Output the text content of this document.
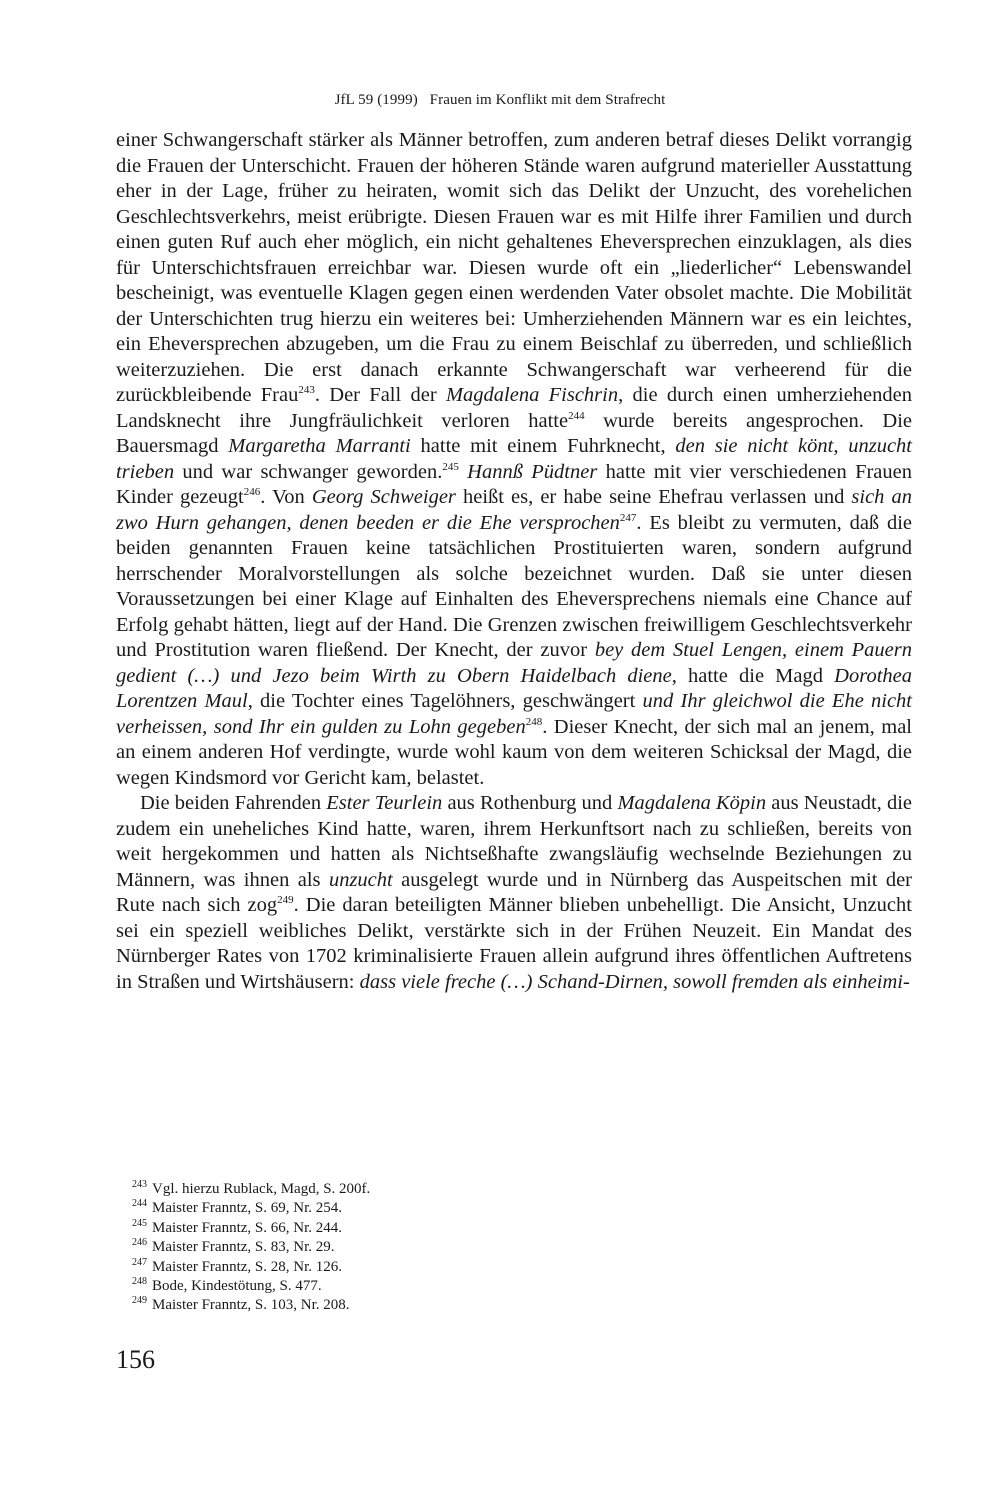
JfL 59 (1999) Frauen im Konflikt mit dem Strafrecht

einer Schwangerschaft stärker als Männer betroffen, zum anderen betraf dieses Delikt vorrangig die Frauen der Unterschicht. Frauen der höheren Stände waren aufgrund materieller Ausstattung eher in der Lage, früher zu heiraten, womit sich das Delikt der Unzucht, des vorehelichen Geschlechtsverkehrs, meist erübrigte. Diesen Frauen war es mit Hilfe ihrer Familien und durch einen guten Ruf auch eher möglich, ein nicht gehaltenes Eheversprechen einzuklagen, als dies für Unterschichtsfrauen erreichbar war. Diesen wurde oft ein „liederlicher“ Lebenswandel bescheinigt, was eventuelle Klagen gegen einen werdenden Vater obsolet machte. Die Mobilität der Unterschichten trug hierzu ein weiteres bei: Umherziehenden Männern war es ein leichtes, ein Eheversprechen abzugeben, um die Frau zu einem Beischlaf zu überreden, und schließlich weiterzuziehen. Die erst danach erkannte Schwangerschaft war verheerend für die zurückbleibende Frau$^{243}$. Der Fall der Magdalena Fischrin, die durch einen umherziehenden Landsknecht ihre Jungfräulichkeit verloren hatte$^{244}$ wurde bereits angesprochen. Die Bauersmagd Margaretha Marranti hatte mit einem Fuhrknecht, den sie nicht könt, unzucht trieben und war schwanger geworden.$^{245}$ Hannß Püdtner hatte mit vier verschiedenen Frauen Kinder gezeugt$^{246}$. Von Georg Schweiger heißt es, er habe seine Ehefrau verlassen und sich an zwo Hurn gehangen, denen beeden er die Ehe versprochen$^{247}$. Es bleibt zu vermuten, daß die beiden genannten Frauen keine tatsächlichen Prostituierten waren, sondern aufgrund herrschender Moralvorstellungen als solche bezeichnet wurden. Daß sie unter diesen Voraussetzungen bei einer Klage auf Einhalten des Eheversprechens niemals eine Chance auf Erfolg gehabt hätten, liegt auf der Hand. Die Grenzen zwischen freiwilligem Geschlechtsverkehr und Prostitution waren fließend. Der Knecht, der zuvor bey dem Stuel Lengen, einem Pauern gedient (…) und Jezo beim Wirth zu Obern Haidelbach diene, hatte die Magd Dorothea Lorentzen Maul, die Tochter eines Tagelöhners, geschwängert und Ihr gleichwol die Ehe nicht verheissen, sond Ihr ein gulden zu Lohn gegeben$^{248}$. Dieser Knecht, der sich mal an jenem, mal an einem anderen Hof verdingte, wurde wohl kaum von dem weiteren Schicksal der Magd, die wegen Kindsmord vor Gericht kam, belastet.

Die beiden Fahrenden Ester Teurlein aus Rothenburg und Magdalena Köpin aus Neustadt, die zudem ein uneheliches Kind hatte, waren, ihrem Herkunftsort nach zu schließen, bereits von weit hergekommen und hatten als Nichtseßhafte zwangsläufig wechselnde Beziehungen zu Männern, was ihnen als unzucht ausgelegt wurde und in Nürnberg das Auspeitschen mit der Rute nach sich zog$^{249}$. Die daran beteiligten Männer blieben unbehelligt. Die Ansicht, Unzucht sei ein speziell weibliches Delikt, verstärkte sich in der Frühen Neuzeit. Ein Mandat des Nürnberger Rates von 1702 kriminalisierte Frauen allein aufgrund ihres öffentlichen Auftretens in Straßen und Wirtshäusern: dass viele freche (…) Schand-Dirnen, sowoll fremden als einheimi-

$^{243}$ Vgl. hierzu Rublack, Magd, S. 200f.
$^{244}$ Maister Franntz, S. 69, Nr. 254.
$^{245}$ Maister Franntz, S. 66, Nr. 244.
$^{246}$ Maister Franntz, S. 83, Nr. 29.
$^{247}$ Maister Franntz, S. 28, Nr. 126.
$^{248}$ Bode, Kindestötung, S. 477.
$^{249}$ Maister Franntz, S. 103, Nr. 208.
156
